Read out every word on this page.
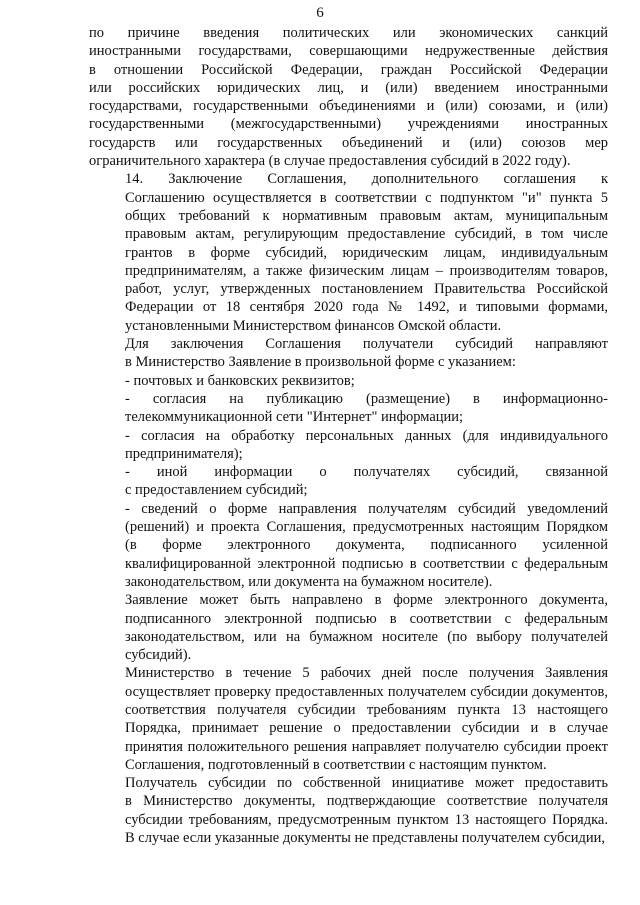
6
по причине введения политических или экономических санкций
иностранными государствами, совершающими недружественные действия
в отношении Российской Федерации, граждан Российской Федерации
или российских юридических лиц, и (или) введением иностранными
государствами, государственными объединениями и (или) союзами, и (или)
государственными (межгосударственными) учреждениями иностранных
государств или государственных объединений и (или) союзов мер
ограничительного характера (в случае предоставления субсидий в 2022 году).
14. Заключение Соглашения, дополнительного соглашения к
Соглашению осуществляется в соответствии с подпунктом "и" пункта 5
общих требований к нормативным правовым актам, муниципальным
правовым актам, регулирующим предоставление субсидий, в том числе
грантов в форме субсидий, юридическим лицам, индивидуальным
предпринимателям, а также физическим лицам – производителям товаров,
работ, услуг, утвержденных постановлением Правительства Российской
Федерации от 18 сентября 2020 года № 1492, и типовыми формами,
установленными Министерством финансов Омской области.
Для заключения Соглашения получатели субсидий направляют
в Министерство Заявление в произвольной форме с указанием:
- почтовых и банковских реквизитов;
- согласия на публикацию (размещение) в информационно-
телекоммуникационной сети "Интернет" информации;
- согласия на обработку персональных данных (для индивидуального
предпринимателя);
- иной информации о получателях субсидий, связанной
с предоставлением субсидий;
- сведений о форме направления получателям субсидий уведомлений
(решений) и проекта Соглашения, предусмотренных настоящим Порядком
(в форме электронного документа, подписанного усиленной
квалифицированной электронной подписью в соответствии с федеральным
законодательством, или документа на бумажном носителе).
Заявление может быть направлено в форме электронного документа,
подписанного электронной подписью в соответствии с федеральным
законодательством, или на бумажном носителе (по выбору получателей
субсидий).
Министерство в течение 5 рабочих дней после получения Заявления
осуществляет проверку предоставленных получателем субсидии документов,
соответствия получателя субсидии требованиям пункта 13 настоящего
Порядка, принимает решение о предоставлении субсидии и в случае
принятия положительного решения направляет получателю субсидии проект
Соглашения, подготовленный в соответствии с настоящим пунктом.
Получатель субсидии по собственной инициативе может предоставить
в Министерство документы, подтверждающие соответствие получателя
субсидии требованиям, предусмотренным пунктом 13 настоящего Порядка.
В случае если указанные документы не представлены получателем субсидии,
